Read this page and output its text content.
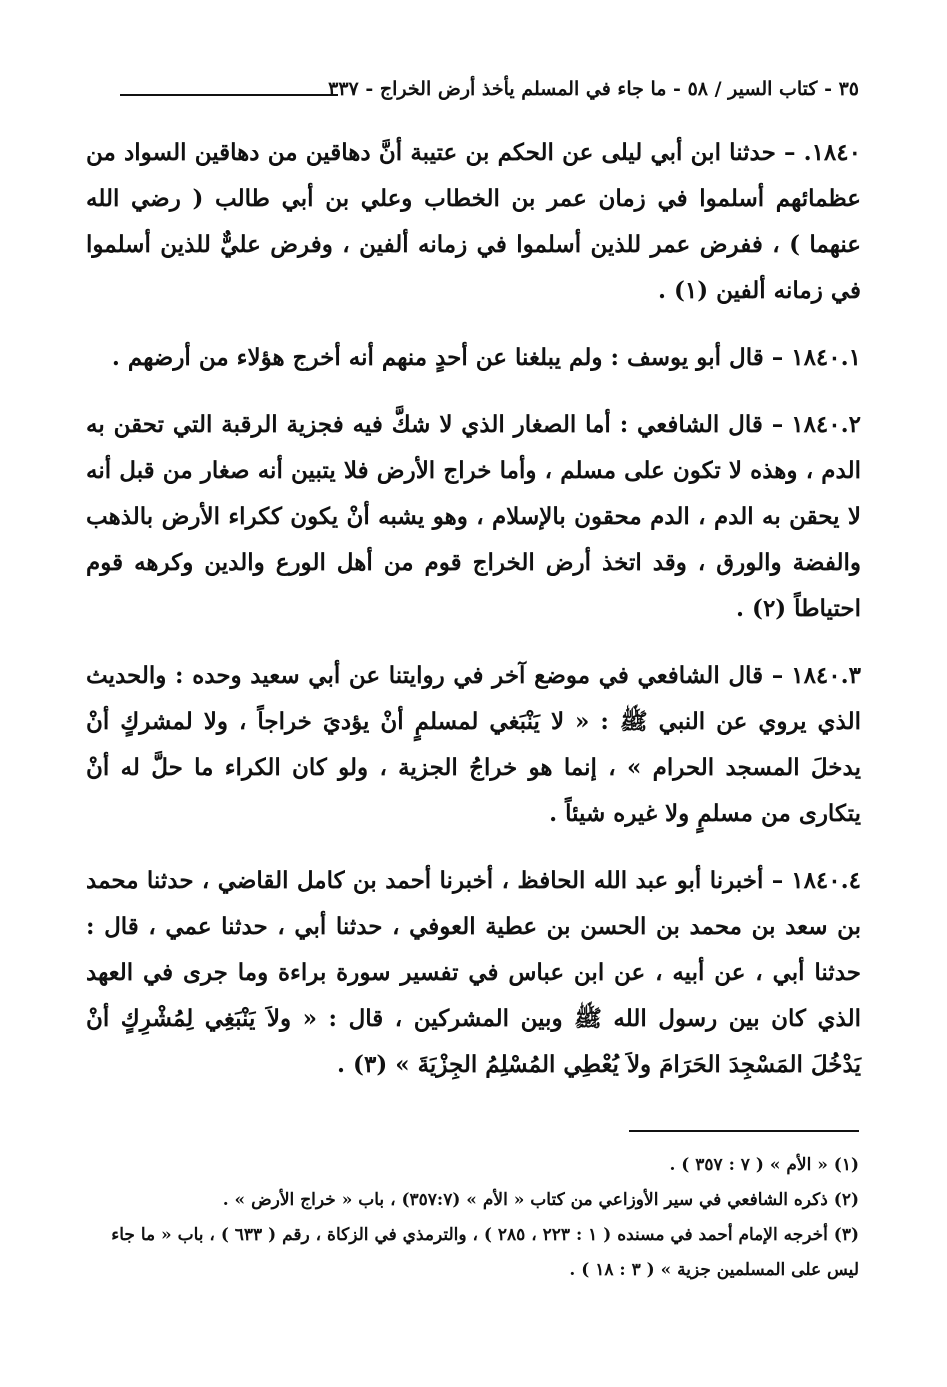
٣٥ - كتاب السير / ٥٨ - ما جاء في المسلم يأخذ أرض الخراج - ٣٣٧

١٨٤٠.– حدثنا ابن أبي ليلى عن الحكم بن عتيبة أنَّ دهاقين من دهاقين السواد من عظمائهم أسلموا في زمان عمر بن الخطاب وعلي بن أبي طالب ( رضي الله عنهما ) ، ففرض عمر للذين أسلموا في زمانه ألفين ، وفرض عليٌّ للذين أسلموا في زمانه ألفين (١) .

١٨٤٠.١– قال أبو يوسف : ولم يبلغنا عن أحدٍ منهم أنه أخرج هؤلاء من أرضهم .

١٨٤٠.٢– قال الشافعي : أما الصغار الذي لا شكَّ فيه فجزية الرقبة التي تحقن به الدم ، وهذه لا تكون على مسلم ، وأما خراج الأرض فلا يتبين أنه صغار من قبل أنه لا يحقن به الدم ، الدم محقون بالإسلام ، وهو يشبه أنْ يكون ككراء الأرض بالذهب والفضة والورق ، وقد اتخذ أرض الخراج قوم من أهل الورع والدين وكرهه قوم احتياطاً (٢) .

١٨٤٠.٣– قال الشافعي في موضع آخر في روايتنا عن أبي سعيد وحده : والحديث الذي يروي عن النبي ﷺ : « لا يَنْبَغي لمسلمٍ أنْ يؤديَ خراجاً ، ولا لمشركٍ أنْ يدخلَ المسجد الحرام » ، إنما هو خراجُ الجزية ، ولو كان الكراء ما حلَّ له أنْ يتكارى من مسلمٍ ولا غيره شيئاً .

١٨٤٠.٤– أخبرنا أبو عبد الله الحافظ ، أخبرنا أحمد بن كامل القاضي ، حدثنا محمد بن سعد بن محمد بن الحسن بن عطية العوفي ، حدثنا أبي ، حدثنا عمي ، قال : حدثنا أبي ، عن أبيه ، عن ابن عباس في تفسير سورة براءة وما جرى في العهد الذي كان بين رسول الله ﷺ وبين المشركين ، قال : « ولاَ يَنْبَغِي لِمُشْرِكٍ أنْ يَدْخُلَ المَسْجِدَ الحَرَامَ ولاَ يُعْطِي المُسْلِمُ الجِزْيَةَ » (٣) .

(١) « الأم » ( ٧ : ٣٥٧ ) .

(٢) ذكره الشافعي في سير الأوزاعي من كتاب « الأم » (٣٥٧:٧) ، باب « خراج الأرض » .

(٣) أخرجه الإمام أحمد في مسنده ( ١ : ٢٢٣ ، ٢٨٥ ) ، والترمذي في الزكاة ، رقم ( ٦٣٣ ) ، باب « ما جاء ليس على المسلمين جزية » ( ٣ : ١٨ ) .
